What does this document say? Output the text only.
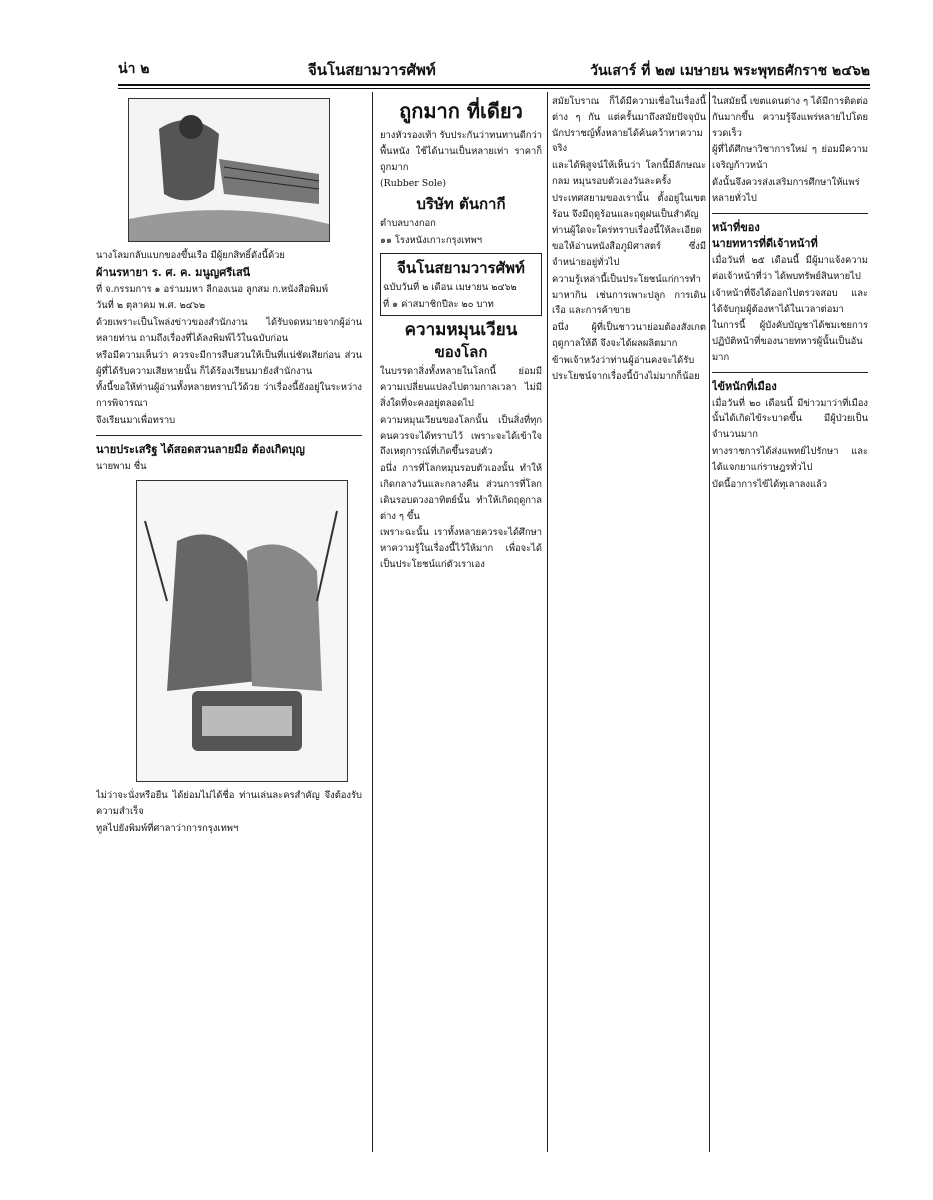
น่า ๒	จีนโนสยามวารศัพท์	วันเสาร์ ที่ ๒๗ เมษายน พระพุทธศักราช ๒๔๖๒

นางโลมกลับแบกของขึ้นเรือ มีผู้ยกสิทธิ์ดังนี้ด้วย

ผ้านรหายา ร. ศ. ค. มนูญศรีเสนี

ที่ จ.กรรมการ ๑ อร่ามมหา ลีกองเนอ ลูกสม ก.หนังสือพิมพ์

วันที่ ๒ ตุลาคม พ.ศ. ๒๔๖๒

ด้วยเพราะเป็นโพล่งข่าวของสำนักงาน ได้รับจดหมายจากผู้อ่านหลายท่าน ถามถึงเรื่องที่ได้ลงพิมพ์ไว้ในฉบับก่อน

หรือมีความเห็นว่า ควรจะมีการสืบสวนให้เป็นที่แน่ชัดเสียก่อน ส่วนผู้ที่ได้รับความเสียหายนั้น ก็ได้ร้องเรียนมายังสำนักงาน

ทั้งนี้ขอให้ท่านผู้อ่านทั้งหลายทราบไว้ด้วย ว่าเรื่องนี้ยังอยู่ในระหว่างการพิจารณา

จึงเรียนมาเพื่อทราบ

นายประเสริฐ ได้สอดสวนลายมือ ต้องเกิดบุญ

นายพาม ชื่น

ไม่ว่าจะนั่งหรือยืน ได้ย่อมไม่ได้ชื่อ ท่านเล่นละครสำคัญ จึงต้องรับความสำเร็จ

ทูลไปยังพิมพ์ที่ศาลาว่าการกรุงเทพฯ

ถูกมาก ที่เดียว

ยางหัวรองเท้า รับประกันว่าทนทานดีกว่าพื้นหนัง ใช้ได้นานเป็นหลายเท่า ราคาก็ถูกมาก

(Rubber Sole)

บริษัท ตันกากี

ตำบลบางกอก

๑๑ โรงหนังเกาะกรุงเทพฯ

จีนโนสยามวารศัพท์

ฉบับวันที่ ๒ เดือน เมษายน ๒๔๖๒

ที่ ๑ ค่าสมาชิกปีละ ๒๐ บาท

ความหมุนเวียน
ของโลก

ในบรรดาสิ่งทั้งหลายในโลกนี้ ย่อมมีความเปลี่ยนแปลงไปตามกาลเวลา ไม่มีสิ่งใดที่จะคงอยู่ตลอดไป

ความหมุนเวียนของโลกนั้น เป็นสิ่งที่ทุกคนควรจะได้ทราบไว้ เพราะจะได้เข้าใจถึงเหตุการณ์ที่เกิดขึ้นรอบตัว

อนึ่ง การที่โลกหมุนรอบตัวเองนั้น ทำให้เกิดกลางวันและกลางคืน ส่วนการที่โลกเดินรอบดวงอาทิตย์นั้น ทำให้เกิดฤดูกาลต่าง ๆ ขึ้น

เพราะฉะนั้น เราทั้งหลายควรจะได้ศึกษาหาความรู้ในเรื่องนี้ไว้ให้มาก เพื่อจะได้เป็นประโยชน์แก่ตัวเราเอง

สมัยโบราณ ก็ได้มีความเชื่อในเรื่องนี้ต่าง ๆ กัน แต่ครั้นมาถึงสมัยปัจจุบัน นักปราชญ์ทั้งหลายได้ค้นคว้าหาความจริง

และได้พิสูจน์ให้เห็นว่า โลกนี้มีลักษณะกลม หมุนรอบตัวเองวันละครั้ง

ประเทศสยามของเรานั้น ตั้งอยู่ในเขตร้อน จึงมีฤดูร้อนและฤดูฝนเป็นสำคัญ

ท่านผู้ใดจะใคร่ทราบเรื่องนี้ให้ละเอียด ขอให้อ่านหนังสือภูมิศาสตร์ ซึ่งมีจำหน่ายอยู่ทั่วไป

ความรู้เหล่านี้เป็นประโยชน์แก่การทำมาหากิน เช่นการเพาะปลูก การเดินเรือ และการค้าขาย

อนึ่ง ผู้ที่เป็นชาวนาย่อมต้องสังเกตฤดูกาลให้ดี จึงจะได้ผลผลิตมาก

ข้าพเจ้าหวังว่าท่านผู้อ่านคงจะได้รับประโยชน์จากเรื่องนี้บ้างไม่มากก็น้อย

ในสมัยนี้ เขตแดนต่าง ๆ ได้มีการติดต่อกันมากขึ้น ความรู้จึงแพร่หลายไปโดยรวดเร็ว

ผู้ที่ได้ศึกษาวิชาการใหม่ ๆ ย่อมมีความเจริญก้าวหน้า

ดังนั้นจึงควรส่งเสริมการศึกษาให้แพร่หลายทั่วไป

หน้าที่ของ

นายทหารที่ดีเจ้าหน้าที่

เมื่อวันที่ ๒๕ เดือนนี้ มีผู้มาแจ้งความต่อเจ้าหน้าที่ว่า ได้พบทรัพย์สินหายไป

เจ้าหน้าที่จึงได้ออกไปตรวจสอบ และได้จับกุมผู้ต้องหาได้ในเวลาต่อมา

ในการนี้ ผู้บังคับบัญชาได้ชมเชยการปฏิบัติหน้าที่ของนายทหารผู้นั้นเป็นอันมาก

ไข้หนักที่เมือง

เมื่อวันที่ ๒๐ เดือนนี้ มีข่าวมาว่าที่เมืองนั้นได้เกิดไข้ระบาดขึ้น มีผู้ป่วยเป็นจำนวนมาก

ทางราชการได้ส่งแพทย์ไปรักษา และได้แจกยาแก่ราษฎรทั่วไป

บัดนี้อาการไข้ได้ทุเลาลงแล้ว
